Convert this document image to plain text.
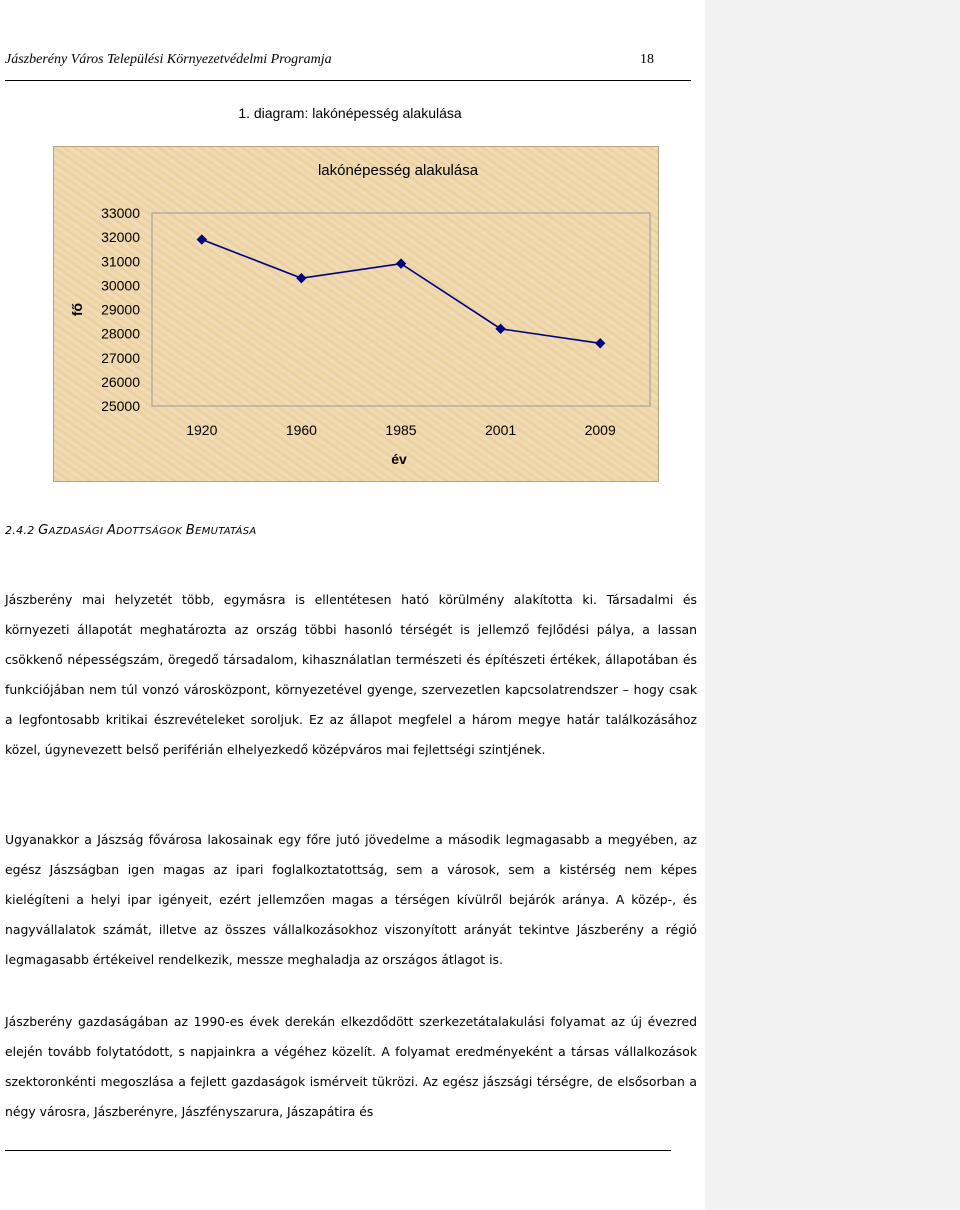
Jászberény Város Települési Környezetvédelmi Programja	18
1. diagram: lakónépesség alakulása
lakónépesség alakulása
33000
32000
31000
30000
29000
28000
27000
26000
25000
1920	1960	1985	2001	2009
év
fő
2.4.2 GAZDASÁGI ADOTTSÁGOK BEMUTATÁSA
Jászberény mai helyzetét több, egymásra is ellentétesen ható körülmény alakította ki. Társadalmi és környezeti állapotát meghatározta az ország többi hasonló térségét is jellemző fejlődési pálya, a lassan csökkenő népességszám, öregedő társadalom, kihasználatlan természeti és építészeti értékek, állapotában és funkciójában nem túl vonzó városközpont, környezetével gyenge, szervezetlen kapcsolatrendszer – hogy csak a legfontosabb kritikai észrevételeket soroljuk. Ez az állapot megfelel a három megye határ találkozásához közel, úgynevezett belső periférián elhelyezkedő középváros mai fejlettségi szintjének.
Ugyanakkor a Jászság fővárosa lakosainak egy főre jutó jövedelme a második legmagasabb a megyében, az egész Jászságban igen magas az ipari foglalkoztatottság, sem a városok, sem a kistérség nem képes kielégíteni a helyi ipar igényeit, ezért jellemzően magas a térségen kívülről bejárók aránya. A közép-, és nagyvállalatok számát, illetve az összes vállalkozásokhoz viszonyított arányát tekintve Jászberény a régió legmagasabb értékeivel rendelkezik, messze meghaladja az országos átlagot is.
Jászberény gazdaságában az 1990-es évek derekán elkezdődött szerkezetátalakulási folyamat az új évezred elején tovább folytatódott, s napjainkra a végéhez közelít. A folyamat eredményeként a társas vállalkozások szektoronkénti megoszlása a fejlett gazdaságok ismérveit tükrözi. Az egész jászsági térségre, de elsősorban a négy városra, Jászberényre, Jászfényszarura, Jászapátira és
